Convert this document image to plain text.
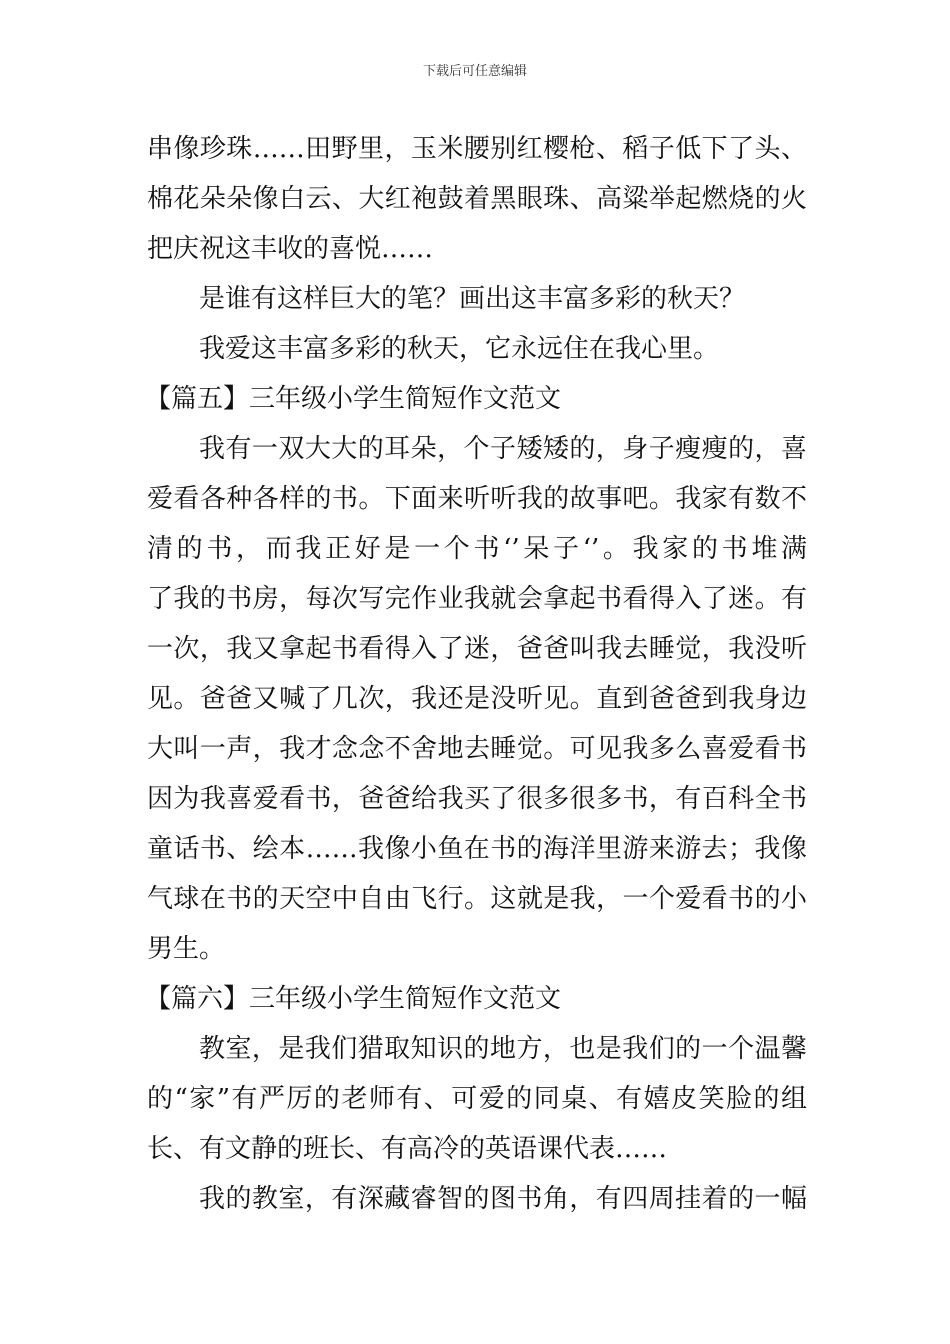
下载后可任意编辑
串像珍珠……田野里，玉米腰别红樱枪、稻子低下了头、
棉花朵朵像白云、大红袍鼓着黑眼珠、高粱举起燃烧的火
把庆祝这丰收的喜悦……
是谁有这样巨大的笔？画出这丰富多彩的秋天？
我爱这丰富多彩的秋天，它永远住在我心里。
【篇五】三年级小学生简短作文范文
我有一双大大的耳朵，个子矮矮的，身子瘦瘦的，喜
爱看各种各样的书。下面来听听我的故事吧。我家有数不
清的书，而我正好是一个书‘’呆子‘’。我家的书堆满
了我的书房，每次写完作业我就会拿起书看得入了迷。有
一次，我又拿起书看得入了迷，爸爸叫我去睡觉，我没听
见。爸爸又喊了几次，我还是没听见。直到爸爸到我身边
大叫一声，我才念念不舍地去睡觉。可见我多么喜爱看书
因为我喜爱看书，爸爸给我买了很多很多书，有百科全书
童话书、绘本……我像小鱼在书的海洋里游来游去；我像
气球在书的天空中自由飞行。这就是我，一个爱看书的小
男生。
【篇六】三年级小学生简短作文范文
教室，是我们猎取知识的地方，也是我们的一个温馨
的“家”有严厉的老师有、可爱的同桌、有嬉皮笑脸的组
长、有文静的班长、有高冷的英语课代表……
我的教室，有深藏睿智的图书角，有四周挂着的一幅
